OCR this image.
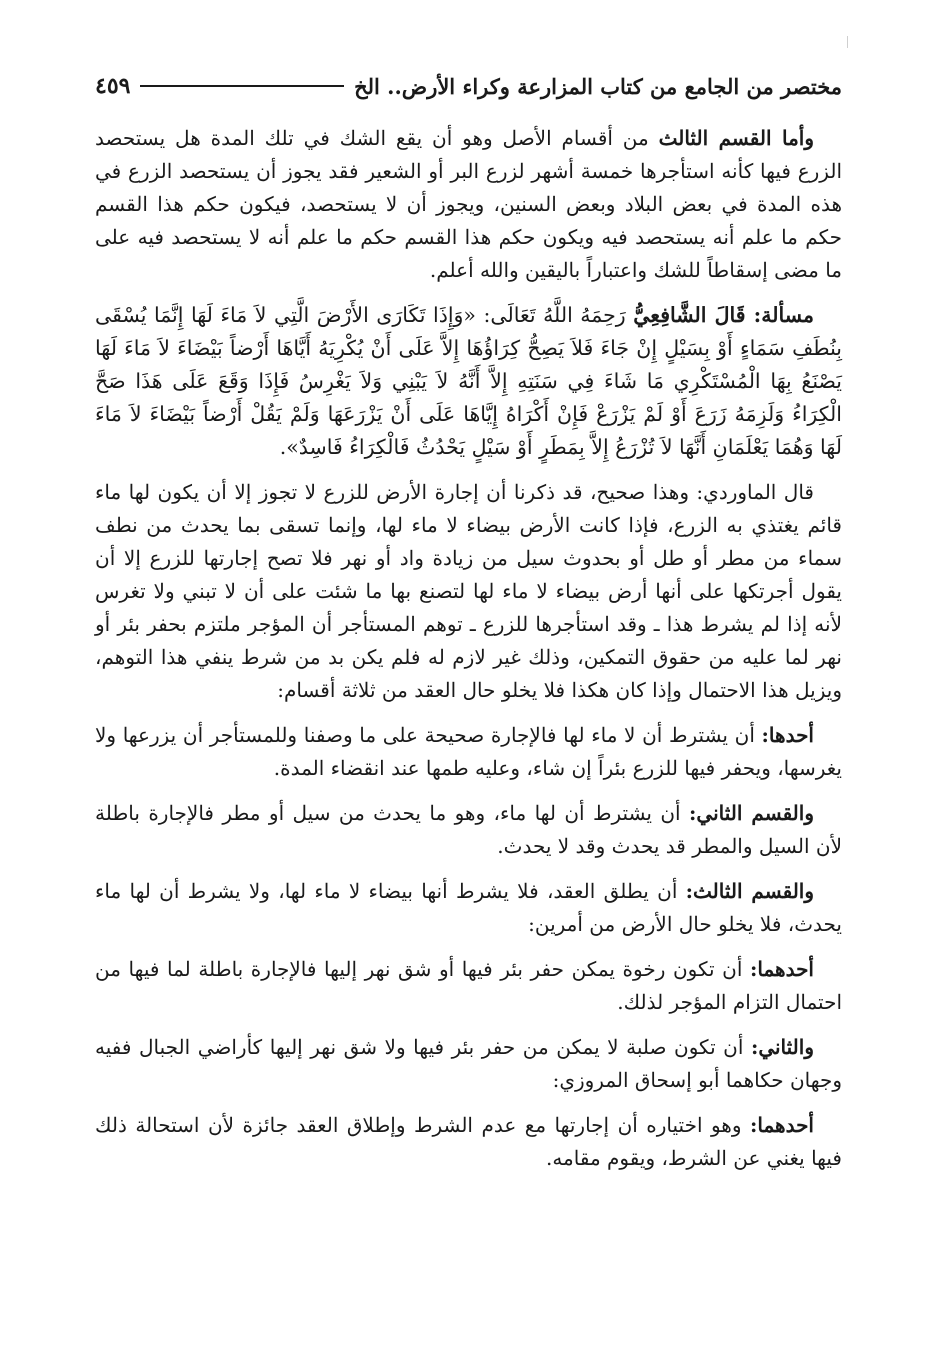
مختصر من الجامع من كتاب المزارعة وكراء الأرض.. الخ
٤٥٩

وأما القسم الثالث من أقسام الأصل وهو أن يقع الشك في تلك المدة هل يستحصد الزرع فيها كأنه استأجرها خمسة أشهر لزرع البر أو الشعير فقد يجوز أن يستحصد الزرع في هذه المدة في بعض البلاد وبعض السنين، ويجوز أن لا يستحصد، فيكون حكم هذا القسم حكم ما علم أنه يستحصد فيه ويكون حكم هذا القسم حكم ما علم أنه لا يستحصد فيه على ما مضى إسقاطاً للشك واعتباراً باليقين والله أعلم.

مسألة: قَالَ الشَّافِعِيُّ رَحِمَهُ اللَّهُ تَعَالَى: «وَإِذَا تَكَارَى الأَرْضَ الَّتِي لاَ مَاءَ لَهَا إِنَّمَا يُسْقَى بِنُطَفِ سَمَاءٍ أَوْ بِسَيْلٍ إِنْ جَاءَ فَلاَ يَصِحُّ كِرَاؤُهَا إِلاَّ عَلَى أَنْ يُكْرِيَهُ أَيَّاهَا أَرْضاً بَيْضَاءَ لاَ مَاءَ لَهَا يَصْنَعُ بِهَا الْمُسْتَكْرِي مَا شَاءَ فِي سَنَتِهِ إِلاَّ أَنَّهُ لاَ يَبْنِي وَلاَ يَغْرِسُ فَإِذَا وَقَعَ عَلَى هَذَا صَحَّ الْكِرَاءُ وَلَزِمَهُ زَرَعَ أَوْ لَمْ يَزْرَعْ فَإِنْ أَكْرَاهُ إِيَّاهَا عَلَى أَنْ يَزْرَعَهَا وَلَمْ يَقُلْ أَرْضاً بَيْضَاءَ لاَ مَاءَ لَهَا وَهُمَا يَعْلَمَانِ أَنَّهَا لاَ تُزْرَعُ إِلاَّ بِمَطَرٍ أَوْ سَيْلٍ يَحْدُثُ فَالْكِرَاءُ فَاسِدٌ».

قال الماوردي: وهذا صحيح، قد ذكرنا أن إجارة الأرض للزرع لا تجوز إلا أن يكون لها ماء قائم يغتذي به الزرع، فإذا كانت الأرض بيضاء لا ماء لها، وإنما تسقى بما يحدث من نطف سماء من مطر أو طل أو بحدوث سيل من زيادة واد أو نهر فلا تصح إجارتها للزرع إلا أن يقول أجرتكها على أنها أرض بيضاء لا ماء لها لتصنع بها ما شئت على أن لا تبني ولا تغرس لأنه إذا لم يشرط هذا ـ وقد استأجرها للزرع ـ توهم المستأجر أن المؤجر ملتزم بحفر بئر أو نهر لما عليه من حقوق التمكين، وذلك غير لازم له فلم يكن بد من شرط ينفي هذا التوهم، ويزيل هذا الاحتمال وإذا كان هكذا فلا يخلو حال العقد من ثلاثة أقسام:

أحدها: أن يشترط أن لا ماء لها فالإجارة صحيحة على ما وصفنا وللمستأجر أن يزرعها ولا يغرسها، ويحفر فيها للزرع بئراً إن شاء، وعليه طمها عند انقضاء المدة.

والقسم الثاني: أن يشترط أن لها ماء، وهو ما يحدث من سيل أو مطر فالإجارة باطلة لأن السيل والمطر قد يحدث وقد لا يحدث.

والقسم الثالث: أن يطلق العقد، فلا يشرط أنها بيضاء لا ماء لها، ولا يشرط أن لها ماء يحدث، فلا يخلو حال الأرض من أمرين:

أحدهما: أن تكون رخوة يمكن حفر بئر فيها أو شق نهر إليها فالإجارة باطلة لما فيها من احتمال التزام المؤجر لذلك.

والثاني: أن تكون صلبة لا يمكن من حفر بئر فيها ولا شق نهر إليها كأراضي الجبال ففيه وجهان حكاهما أبو إسحاق المروزي:

أحدهما: وهو اختياره أن إجارتها مع عدم الشرط وإطلاق العقد جائزة لأن استحالة ذلك فيها يغني عن الشرط، ويقوم مقامه.
